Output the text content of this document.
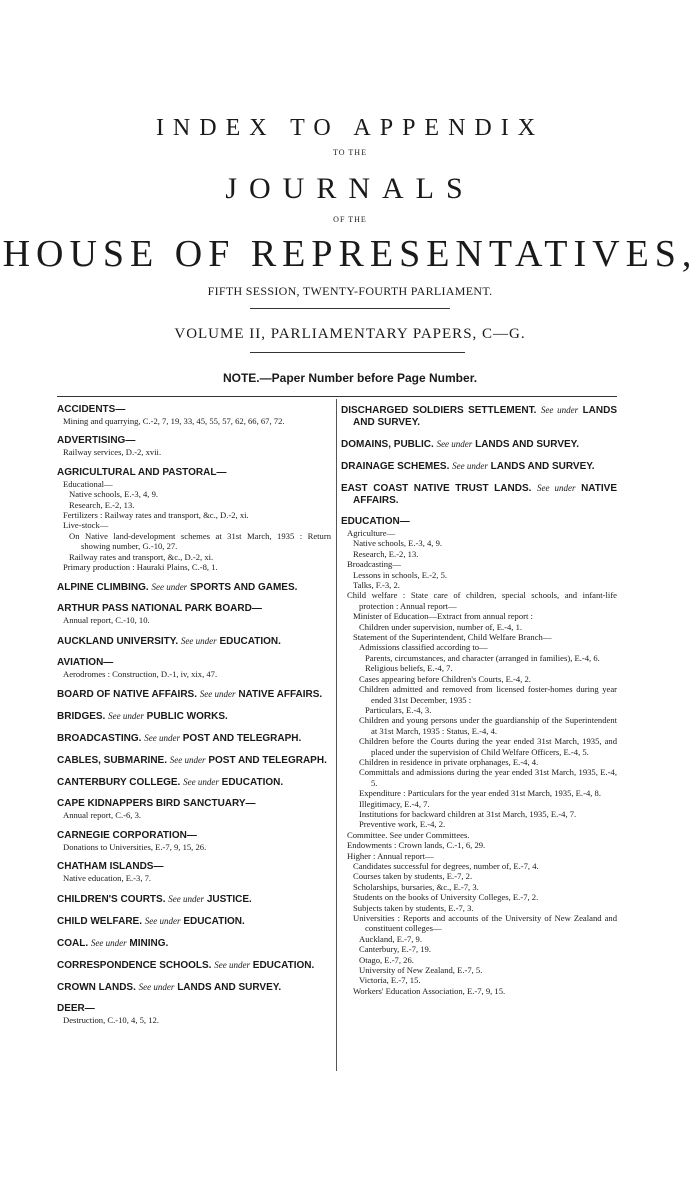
INDEX TO APPENDIX
TO THE
JOURNALS
OF THE
HOUSE OF REPRESENTATIVES,
FIFTH SESSION, TWENTY-FOURTH PARLIAMENT.
VOLUME II, PARLIAMENTARY PAPERS, C—G.
NOTE.—Paper Number before Page Number.
ACCIDENTS—
Mining and quarrying, C.-2, 7, 19, 33, 45, 55, 57, 62, 66, 67, 72.
ADVERTISING—
Railway services, D.-2, xvii.
AGRICULTURAL AND PASTORAL—
Educational—
Native schools, E.-3, 4, 9.
Research, E.-2, 13.
Fertilizers : Railway rates and transport, &c., D.-2, xi.
Live-stock—
On Native land-development schemes at 31st March, 1935 : Return showing number, G.-10, 27.
Railway rates and transport, &c., D.-2, xi.
Primary production : Hauraki Plains, C.-8, 1.
ALPINE CLIMBING. See under SPORTS AND GAMES.
ARTHUR PASS NATIONAL PARK BOARD—
Annual report, C.-10, 10.
AUCKLAND UNIVERSITY. See under EDUCATION.
AVIATION—
Aerodromes : Construction, D.-1, iv, xix, 47.
BOARD OF NATIVE AFFAIRS. See under NATIVE AFFAIRS.
BRIDGES. See under PUBLIC WORKS.
BROADCASTING. See under POST AND TELEGRAPH.
CABLES, SUBMARINE. See under POST AND TELEGRAPH.
CANTERBURY COLLEGE. See under EDUCATION.
CAPE KIDNAPPERS BIRD SANCTUARY—
Annual report, C.-6, 3.
CARNEGIE CORPORATION—
Donations to Universities, E.-7, 9, 15, 26.
CHATHAM ISLANDS—
Native education, E.-3, 7.
CHILDREN'S COURTS. See under JUSTICE.
CHILD WELFARE. See under EDUCATION.
COAL. See under MINING.
CORRESPONDENCE SCHOOLS. See under EDUCATION.
CROWN LANDS. See under LANDS AND SURVEY.
DEER—
Destruction, C.-10, 4, 5, 12.
DISCHARGED SOLDIERS SETTLEMENT. See under LANDS AND SURVEY.
DOMAINS, PUBLIC. See under LANDS AND SURVEY.
DRAINAGE SCHEMES. See under LANDS AND SURVEY.
EAST COAST NATIVE TRUST LANDS. See under NATIVE AFFAIRS.
EDUCATION—
Agriculture—
Native schools, E.-3, 4, 9.
Research, E.-2, 13.
Broadcasting—
Lessons in schools, E.-2, 5.
Talks, F.-3, 2.
Child welfare : State care of children, special schools, and infant-life protection : Annual report—
Minister of Education—Extract from annual report :
Children under supervision, number of, E.-4, 1.
Statement of the Superintendent, Child Welfare Branch—
Admissions classified according to—
Parents, circumstances, and character (arranged in families), E.-4, 6.
Religious beliefs, E.-4, 7.
Cases appearing before Children's Courts, E.-4, 2.
Children admitted and removed from licensed foster-homes during year ended 31st December, 1935 :
Particulars, E.-4, 3.
Children and young persons under the guardianship of the Superintendent at 31st March, 1935 : Status, E.-4, 4.
Children before the Courts during the year ended 31st March, 1935, and placed under the supervision of Child Welfare Officers, E.-4, 5.
Children in residence in private orphanages, E.-4, 4.
Committals and admissions during the year ended 31st March, 1935, E.-4, 5.
Expenditure : Particulars for the year ended 31st March, 1935, E.-4, 8.
Illegitimacy, E.-4, 7.
Institutions for backward children at 31st March, 1935, E.-4, 7.
Preventive work, E.-4, 2.
Committee. See under Committees.
Endowments : Crown lands, C.-1, 6, 29.
Higher : Annual report—
Candidates successful for degrees, number of, E.-7, 4.
Courses taken by students, E.-7, 2.
Scholarships, bursaries, &c., E.-7, 3.
Students on the books of University Colleges, E.-7, 2.
Subjects taken by students, E.-7, 3.
Universities : Reports and accounts of the University of New Zealand and constituent colleges—
Auckland, E.-7, 9.
Canterbury, E.-7, 19.
Otago, E.-7, 26.
University of New Zealand, E.-7, 5.
Victoria, E.-7, 15.
Workers' Education Association, E.-7, 9, 15.
